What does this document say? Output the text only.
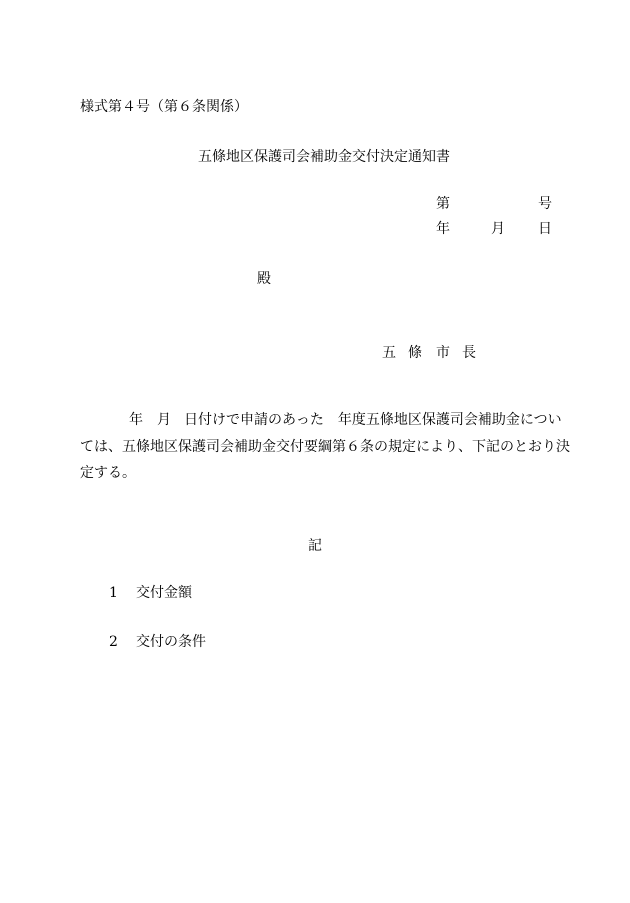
様式第４号（第６条関係）
五條地区保護司会補助金交付決定通知書
第	号
年	月 日
殿
五 條 市 長
年 月 日付けで申請のあった　年度五條地区保護司会補助金につい
ては、五條地区保護司会補助金交付要綱第６条の規定により、下記のとおり決
定する。
記
1 交付金額
2 交付の条件
